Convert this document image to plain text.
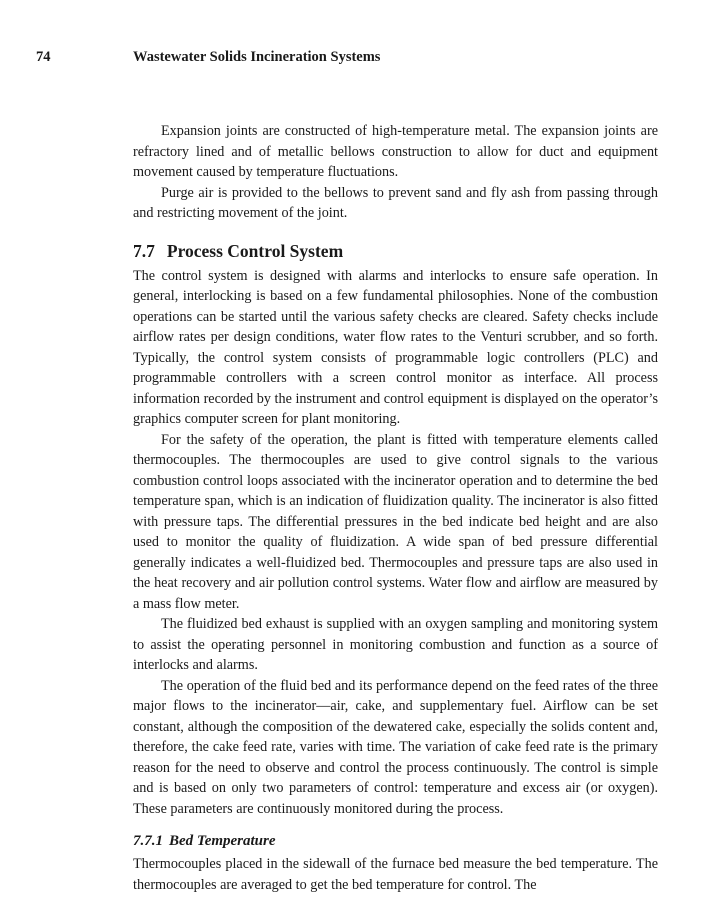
74	Wastewater Solids Incineration Systems

Expansion joints are constructed of high-temperature metal. The expansion joints are refractory lined and of metallic bellows construction to allow for duct and equipment movement caused by temperature fluctuations.

Purge air is provided to the bellows to prevent sand and fly ash from passing through and restricting movement of the joint.

7.7 Process Control System

The control system is designed with alarms and interlocks to ensure safe operation. In general, interlocking is based on a few fundamental philosophies. None of the combustion operations can be started until the various safety checks are cleared. Safety checks include airflow rates per design conditions, water flow rates to the Venturi scrubber, and so forth. Typically, the control system consists of programmable logic controllers (PLC) and programmable controllers with a screen control monitor as interface. All process information recorded by the instrument and control equipment is displayed on the operator’s graphics computer screen for plant monitoring.

For the safety of the operation, the plant is fitted with temperature elements called thermocouples. The thermocouples are used to give control signals to the various combustion control loops associated with the incinerator operation and to determine the bed temperature span, which is an indication of fluidization quality. The incinerator is also fitted with pressure taps. The differential pressures in the bed indicate bed height and are also used to monitor the quality of fluidization. A wide span of bed pressure differential generally indicates a well-fluidized bed. Thermocouples and pressure taps are also used in the heat recovery and air pollution control systems. Water flow and airflow are measured by a mass flow meter.

The fluidized bed exhaust is supplied with an oxygen sampling and monitoring system to assist the operating personnel in monitoring combustion and function as a source of interlocks and alarms.

The operation of the fluid bed and its performance depend on the feed rates of the three major flows to the incinerator—air, cake, and supplementary fuel. Airflow can be set constant, although the composition of the dewatered cake, especially the solids content and, therefore, the cake feed rate, varies with time. The variation of cake feed rate is the primary reason for the need to observe and control the process continuously. The control is simple and is based on only two parameters of control: temperature and excess air (or oxygen). These parameters are continuously monitored during the process.

7.7.1 Bed Temperature

Thermocouples placed in the sidewall of the furnace bed measure the bed temperature. The thermocouples are averaged to get the bed temperature for control. The
